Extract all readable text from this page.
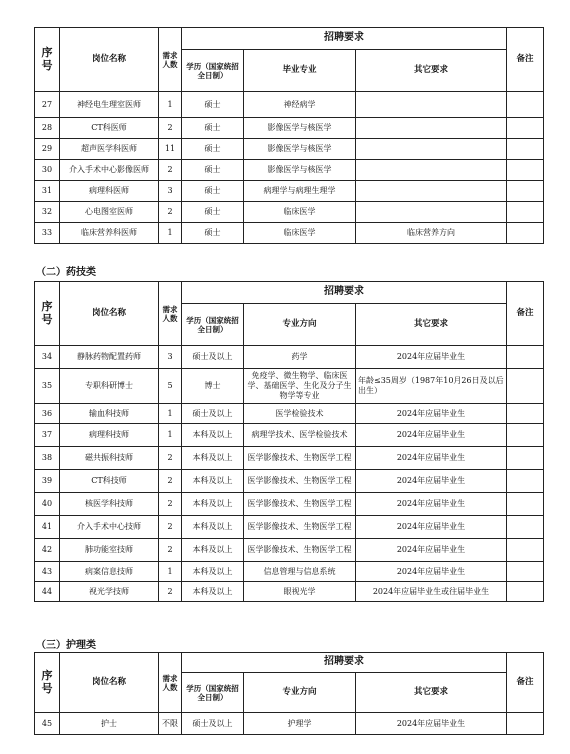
序号	岗位名称	需求人数	招聘要求			备注
			学历（国家统招全日制）	毕业专业	其它要求	
27	神经电生理室医师	1	硕士	神经病学		
28	CT科医师	2	硕士	影像医学与核医学		
29	超声医学科医师	11	硕士	影像医学与核医学		
30	介入手术中心影像医师	2	硕士	影像医学与核医学		
31	病理科医师	3	硕士	病理学与病理生理学		
32	心电图室医师	2	硕士	临床医学		
33	临床营养科医师	1	硕士	临床医学	临床营养方向	
（二）药技类
序号	岗位名称	需求人数	招聘要求			备注
			学历（国家统招全日制）	专业方向	其它要求	
34	静脉药物配置药师	3	硕士及以上	药学	2024年应届毕业生	
35	专职科研博士	5	博士	免疫学、微生物学、临床医学、基础医学、生化及分子生物学等专业	年龄≤35周岁（1987年10月26日及以后出生）	
36	输血科技师	1	硕士及以上	医学检验技术	2024年应届毕业生	
37	病理科技师	1	本科及以上	病理学技术、医学检验技术	2024年应届毕业生	
38	磁共振科技师	2	本科及以上	医学影像技术、生物医学工程	2024年应届毕业生	
39	CT科技师	2	本科及以上	医学影像技术、生物医学工程	2024年应届毕业生	
40	核医学科技师	2	本科及以上	医学影像技术、生物医学工程	2024年应届毕业生	
41	介入手术中心技师	2	本科及以上	医学影像技术、生物医学工程	2024年应届毕业生	
42	肺功能室技师	2	本科及以上	医学影像技术、生物医学工程	2024年应届毕业生	
43	病案信息技师	1	本科及以上	信息管理与信息系统	2024年应届毕业生	
44	视光学技师	2	本科及以上	眼视光学	2024年应届毕业生或往届毕业生	
（三）护理类
序号	岗位名称	需求人数	招聘要求			备注
			学历（国家统招全日制）	专业方向	其它要求	
45	护士	不限	硕士及以上	护理学	2024年应届毕业生	
